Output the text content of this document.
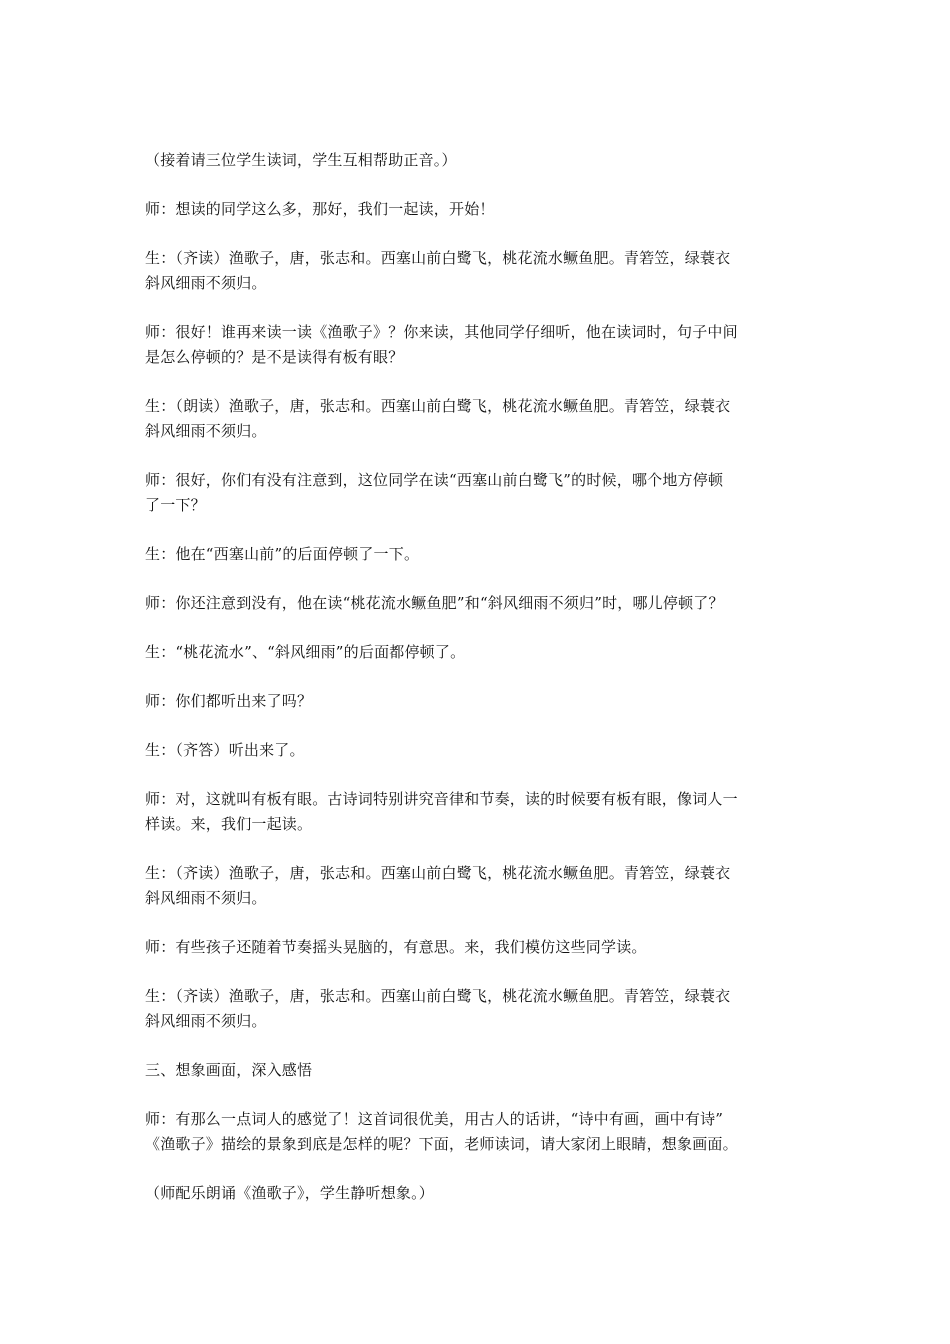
（接着请三位学生读词，学生互相帮助正音。）

师：想读的同学这么多，那好，我们一起读，开始！

生：（齐读）渔歌子，唐，张志和。西塞山前白鹭飞，桃花流水鳜鱼肥。青箬笠，绿蓑衣
斜风细雨不须归。

师：很好！谁再来读一读《渔歌子》？你来读，其他同学仔细听，他在读词时，句子中间
是怎么停顿的？是不是读得有板有眼？

生：（朗读）渔歌子，唐，张志和。西塞山前白鹭飞，桃花流水鳜鱼肥。青箬笠，绿蓑衣
斜风细雨不须归。

师：很好，你们有没有注意到，这位同学在读“西塞山前白鹭飞”的时候，哪个地方停顿
了一下？

生：他在“西塞山前”的后面停顿了一下。

师：你还注意到没有，他在读“桃花流水鳜鱼肥”和“斜风细雨不须归”时，哪儿停顿了？

生：“桃花流水”、“斜风细雨”的后面都停顿了。

师：你们都听出来了吗？

生：（齐答）听出来了。

师：对，这就叫有板有眼。古诗词特别讲究音律和节奏，读的时候要有板有眼，像词人一
样读。来，我们一起读。

生：（齐读）渔歌子，唐，张志和。西塞山前白鹭飞，桃花流水鳜鱼肥。青箬笠，绿蓑衣
斜风细雨不须归。

师：有些孩子还随着节奏摇头晃脑的，有意思。来，我们模仿这些同学读。

生：（齐读）渔歌子，唐，张志和。西塞山前白鹭飞，桃花流水鳜鱼肥。青箬笠，绿蓑衣
斜风细雨不须归。

三、想象画面，深入感悟

师：有那么一点词人的感觉了！这首词很优美，用古人的话讲，“诗中有画，画中有诗”
《渔歌子》描绘的景象到底是怎样的呢？下面，老师读词，请大家闭上眼睛，想象画面。

（师配乐朗诵《渔歌子》，学生静听想象。）
